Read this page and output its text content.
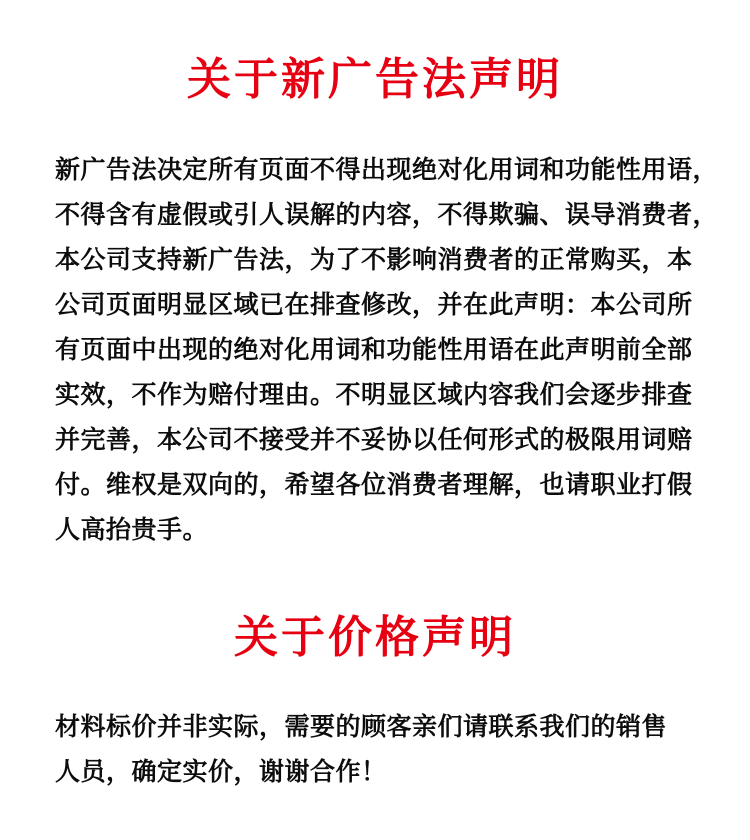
关于新广告法声明
新广告法决定所有页面不得出现绝对化用词和功能性用语，
不得含有虚假或引人误解的内容，不得欺骗、误导消费者，
本公司支持新广告法，为了不影响消费者的正常购买，本
公司页面明显区域已在排查修改，并在此声明：本公司所
有页面中出现的绝对化用词和功能性用语在此声明前全部
实效，不作为赔付理由。不明显区域内容我们会逐步排查
并完善，本公司不接受并不妥协以任何形式的极限用词赔
付。维权是双向的，希望各位消费者理解，也请职业打假
人高抬贵手。
关于价格声明
材料标价并非实际，需要的顾客亲们请联系我们的销售
人员，确定实价，谢谢合作！
